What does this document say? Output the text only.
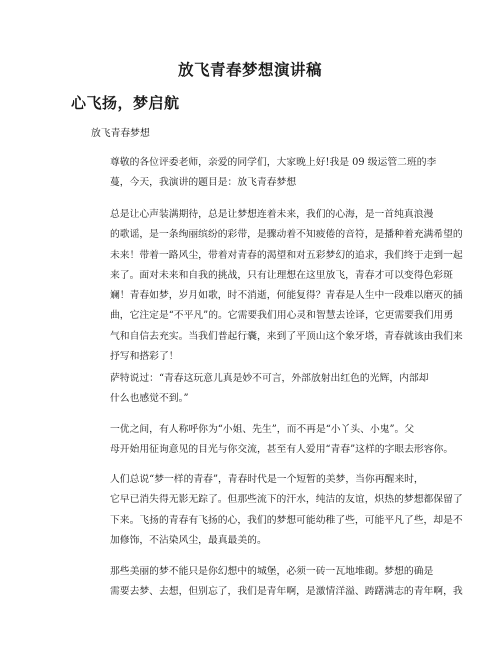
放飞青春梦想演讲稿
心飞扬，梦启航
放飞青春梦想
尊敬的各位评委老师，亲爱的同学们，大家晚上好!我是 09 级运管二班的李
蔓，今天，我演讲的题目是：放飞青春梦想
总是让心声装满期待，总是让梦想连着未来，我们的心海，是一首纯真浪漫
的歌谣，是一条绚丽缤纷的彩带，是骤动着不知疲倦的音符，是播种着充满希望的
未来！带着一路风尘，带着对青春的渴望和对五彩梦幻的追求，我们终于走到一起
来了。面对未来和自我的挑战，只有让理想在这里放飞，青春才可以变得色彩斑
斓！青春如梦，岁月如歌，时不消逝，何能复得？青春是人生中一段难以磨灭的插
曲，它注定是“不平凡”的。它需要我们用心灵和智慧去诠译，它更需要我们用勇
气和自信去充实。当我们普起行囊，来到了平顶山这个象牙塔，青春就该由我们来
抒写和搭彩了！
萨特说过：“青春这玩意儿真是妙不可言，外部放射出红色的光辉，内部却
什么也感觉不到。”
一优之间，有人称呼你为“小姐、先生”，而不再是“小丫头、小鬼”。父
母开始用征询意见的目光与你交流，甚至有人爱用“青春”这样的字眼去形容你。
人们总说“梦一样的青春”，青春时代是一个短暂的美梦，当你再醒来时，
它早已消失得无影无踪了。但那些流下的汗水，纯洁的友谊，炽热的梦想都保留了
下来。飞扬的青春有飞扬的心，我们的梦想可能幼稚了些，可能平凡了些，却是不
加修饰，不沾染风尘，最真最美的。
那些美丽的梦不能只是你幻想中的城堡，必须一砖一瓦地堆砌。梦想的确是
需要去梦、去想，但别忘了，我们是青年啊，是激情洋溢、踌躇满志的青年啊，我
